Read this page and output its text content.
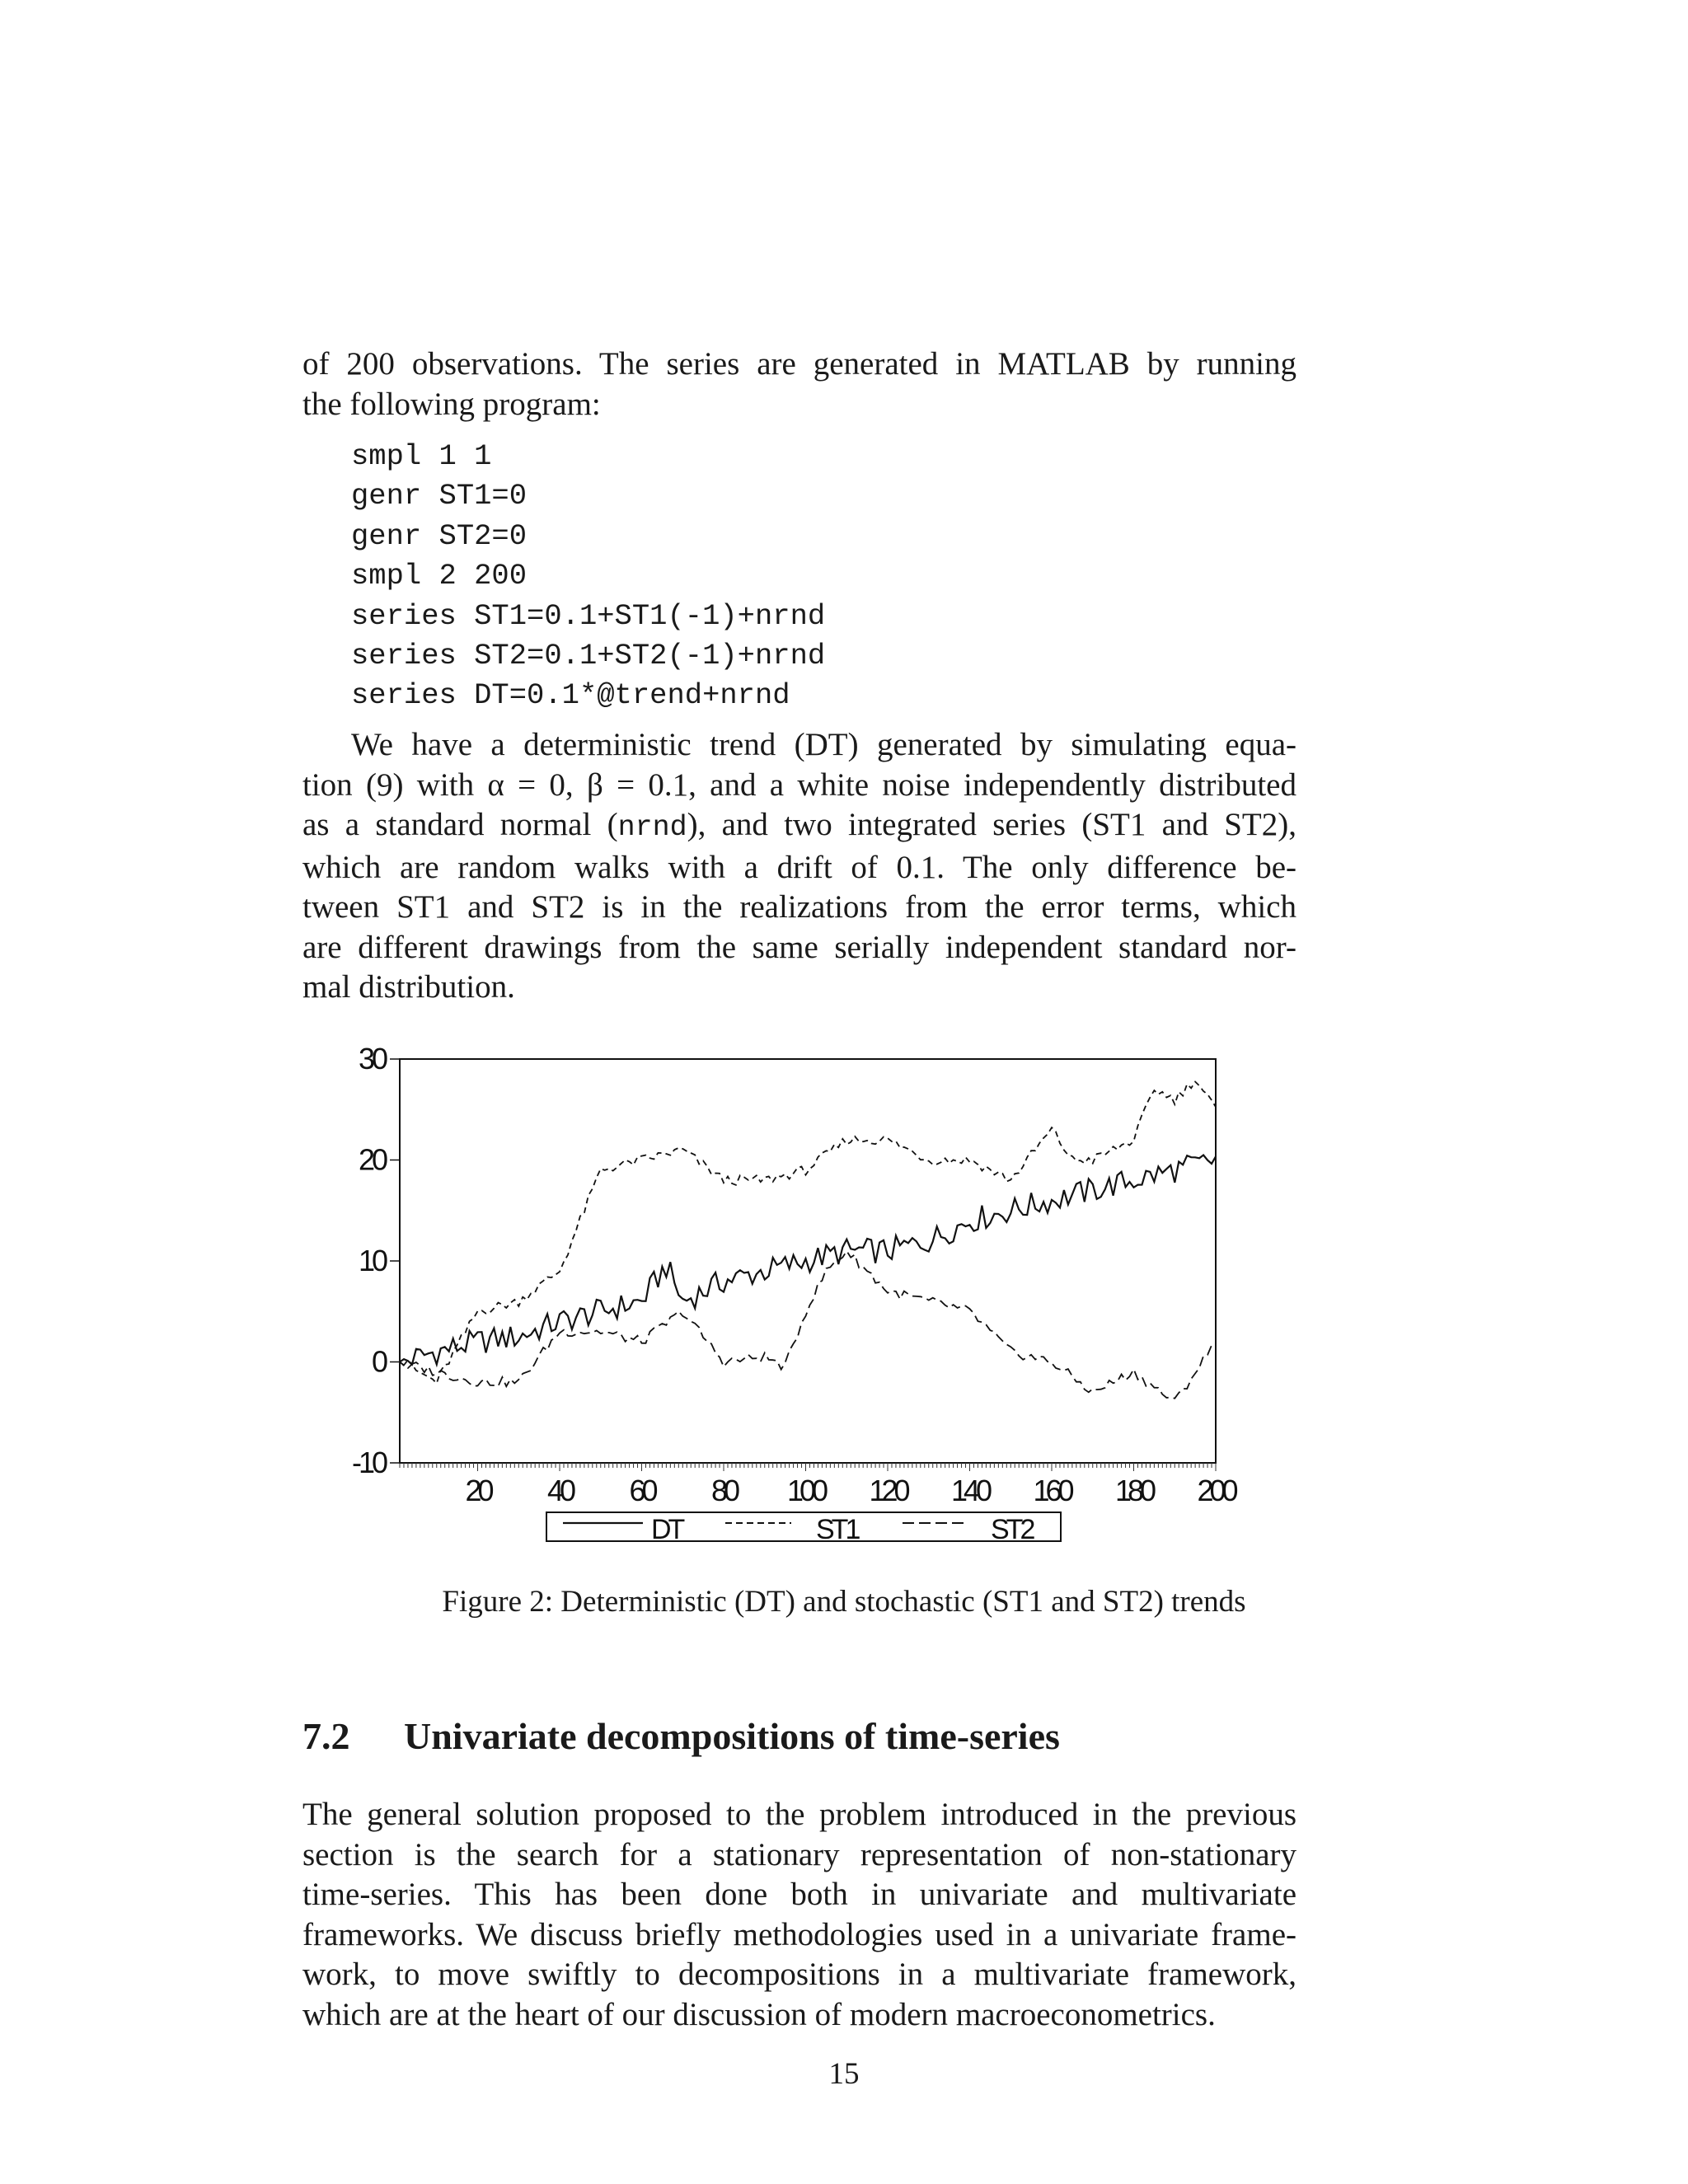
of 200 observations. The series are generated in MATLAB by running
the following program:
smpl 1 1
genr ST1=0
genr ST2=0
smpl 2 200
series ST1=0.1+ST1(-1)+nrnd
series ST2=0.1+ST2(-1)+nrnd
series DT=0.1*@trend+nrnd
We have a deterministic trend (DT) generated by simulating equa-
tion (9) with α = 0, β = 0.1, and a white noise independently distributed
as a standard normal (nrnd), and two integrated series (ST1 and ST2),
which are random walks with a drift of 0.1. The only difference be-
tween ST1 and ST2 is in the realizations from the error terms, which
are different drawings from the same serially independent standard nor-
mal distribution.
30
20
10
0
-10
20 40 60 80 100 120 140 160 180 200
DT	ST1	ST2
Figure 2: Deterministic (DT) and stochastic (ST1 and ST2) trends
7.2 Univariate decompositions of time-series
The general solution proposed to the problem introduced in the previous
section is the search for a stationary representation of non-stationary
time-series. This has been done both in univariate and multivariate
frameworks. We discuss briefly methodologies used in a univariate frame-
work, to move swiftly to decompositions in a multivariate framework,
which are at the heart of our discussion of modern macroeconometrics.
15
